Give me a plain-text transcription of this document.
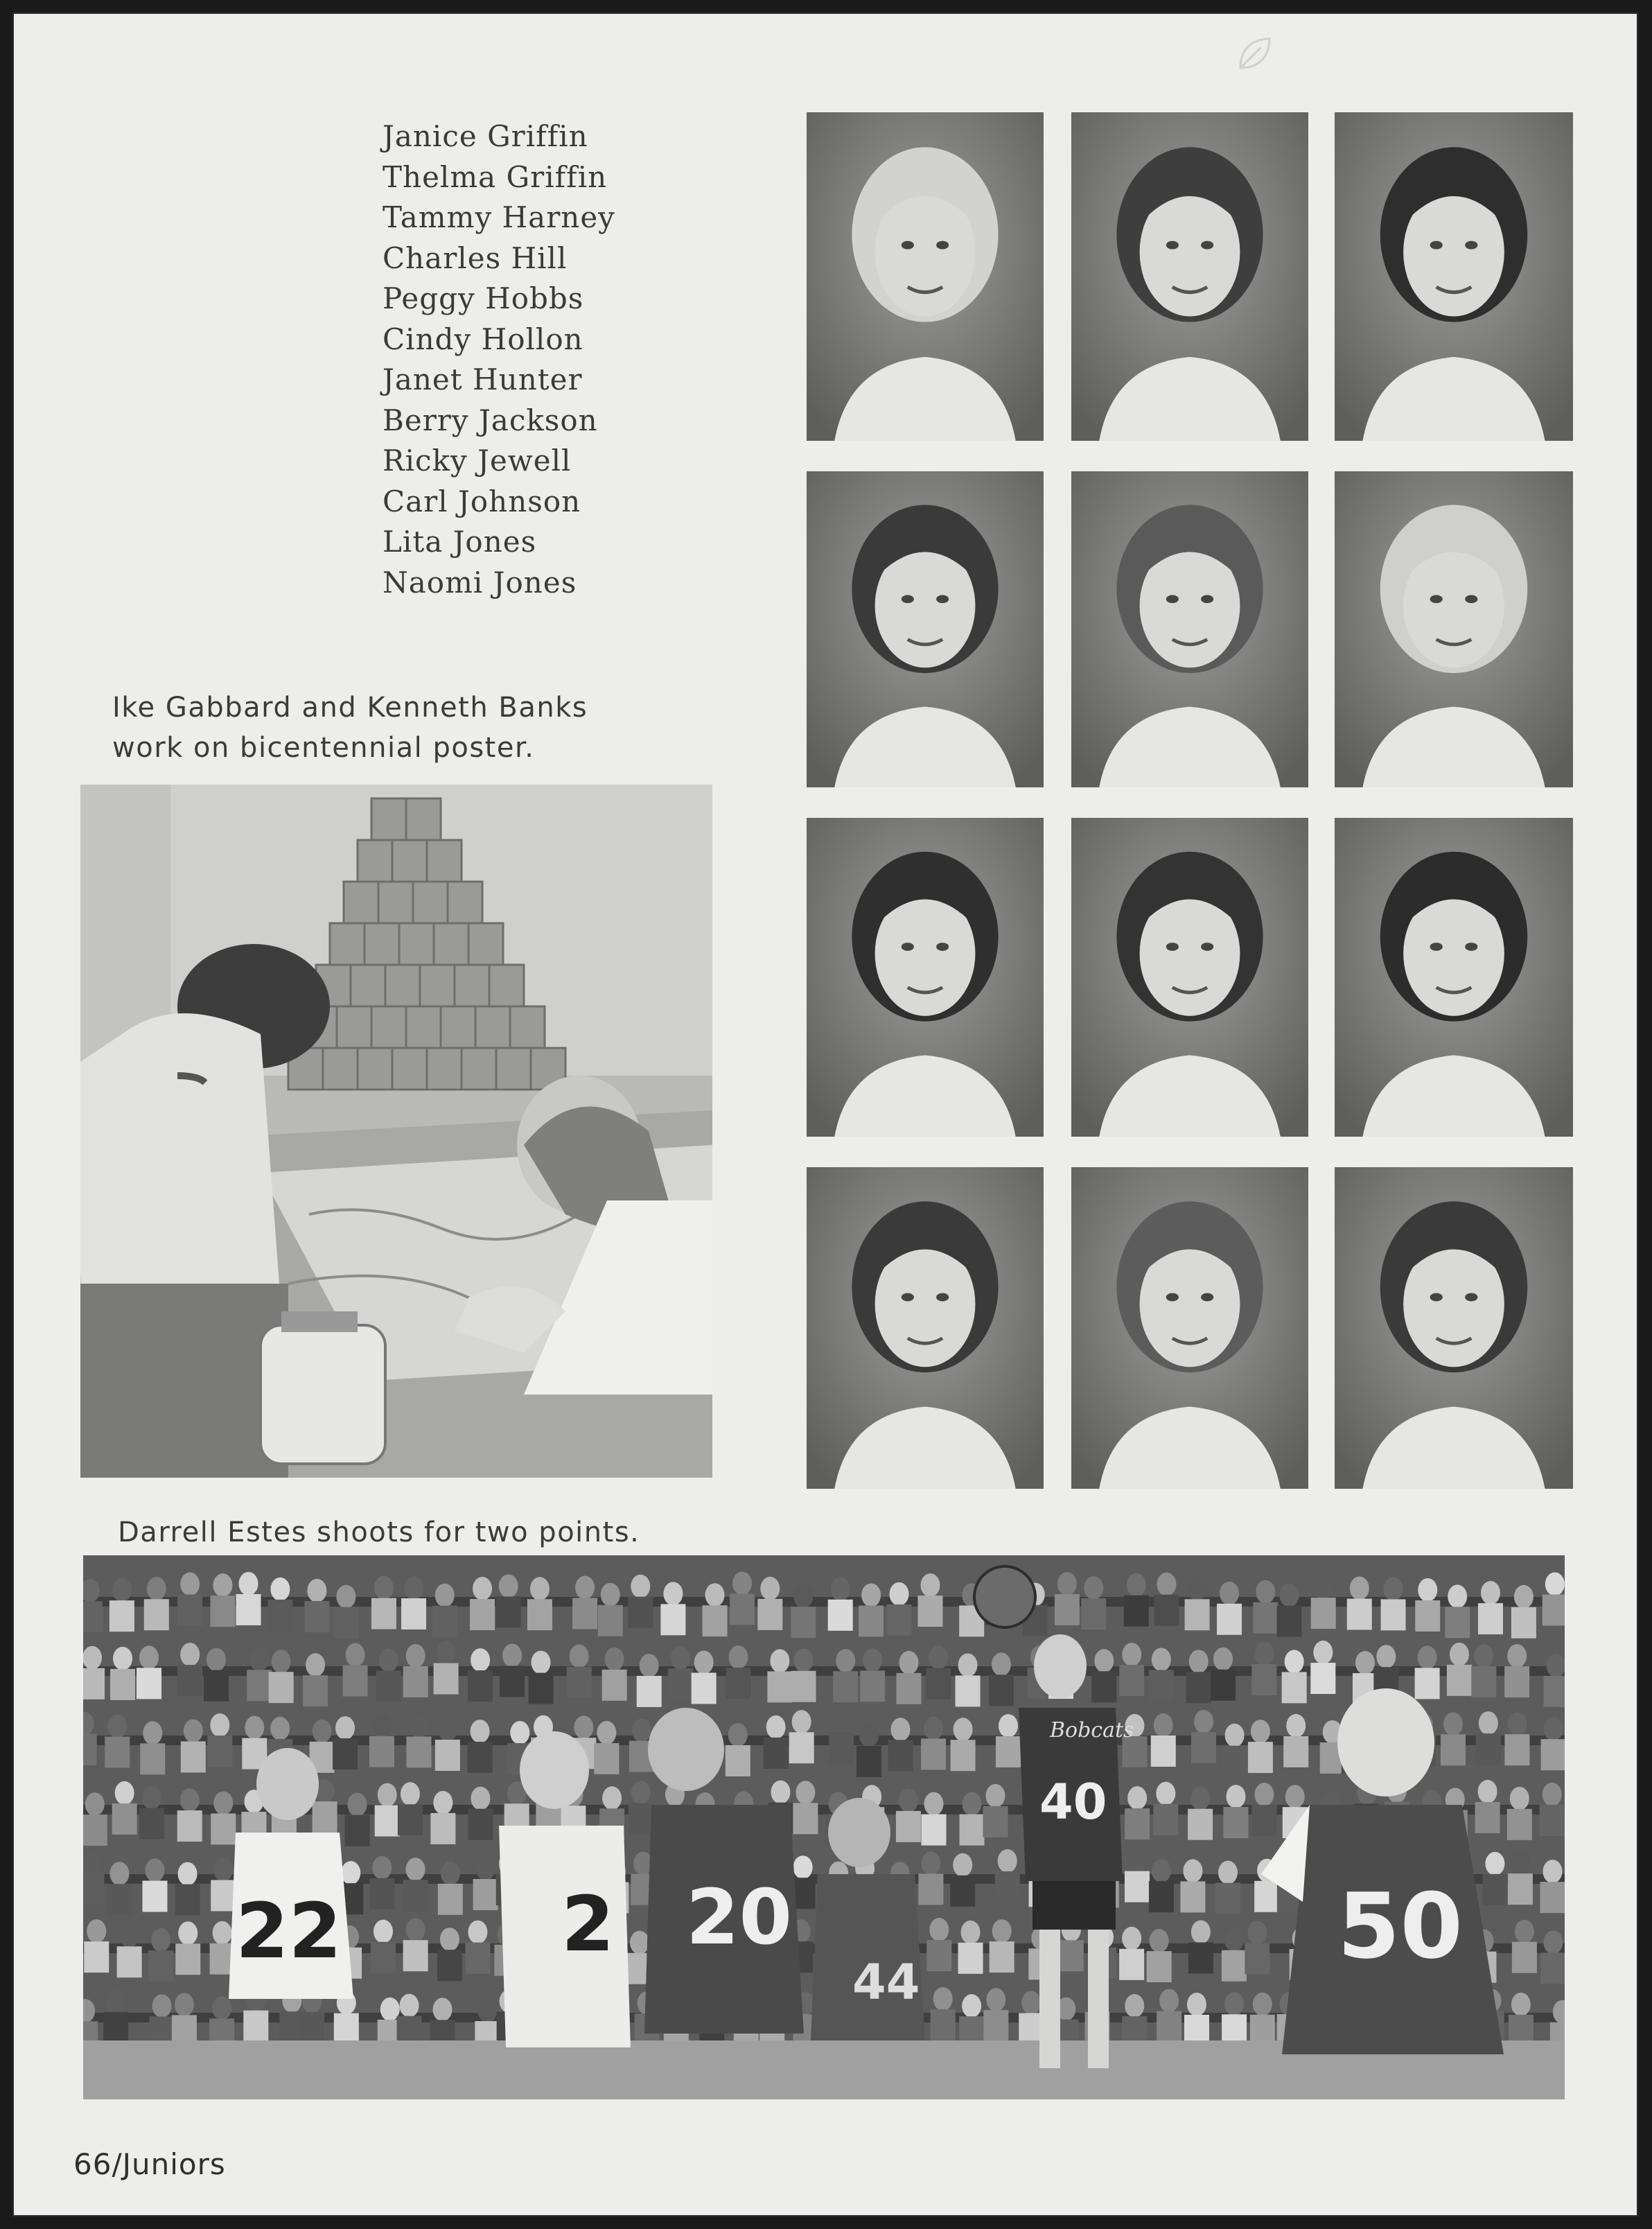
Janice Griffin
Thelma Griffin
Tammy Harney
Charles Hill
Peggy Hobbs
Cindy Hollon
Janet Hunter
Berry Jackson
Ricky Jewell
Carl Johnson
Lita Jones
Naomi Jones
Ike Gabbard and Kenneth Banks
work on bicentennial poster.
Darrell Estes shoots for two points.
22	2 20
44
Bobcats
40
50
66/Juniors
